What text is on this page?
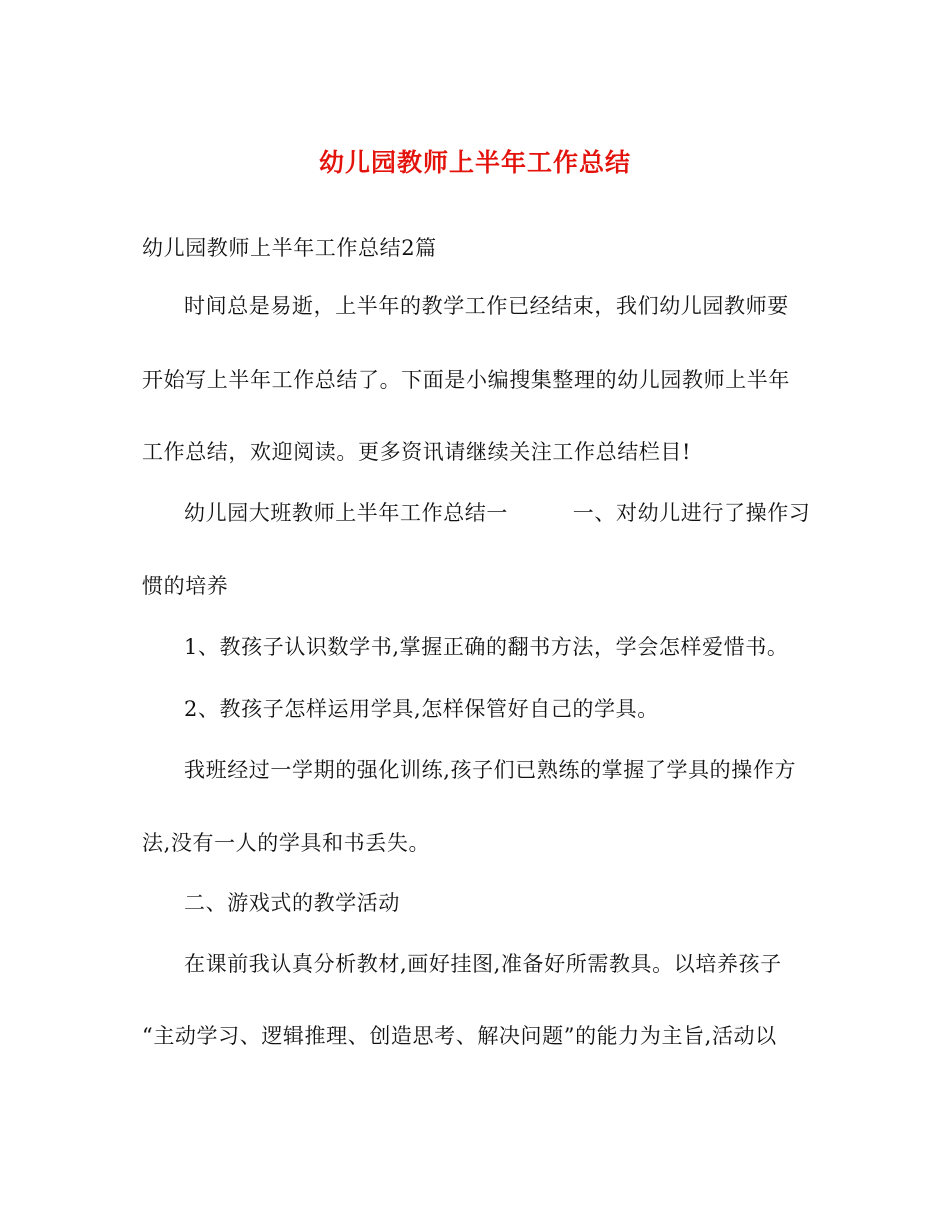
幼儿园教师上半年工作总结
幼儿园教师上半年工作总结2篇
时间总是易逝，上半年的教学工作已经结束，我们幼儿园教师要
开始写上半年工作总结了。下面是小编搜集整理的幼儿园教师上半年
工作总结，欢迎阅读。更多资讯请继续关注工作总结栏目!
幼儿园大班教师上半年工作总结一　　　一、对幼儿进行了操作习
惯的培养
1、教孩子认识数学书,掌握正确的翻书方法，学会怎样爱惜书。
2、教孩子怎样运用学具,怎样保管好自己的学具。
我班经过一学期的强化训练,孩子们已熟练的掌握了学具的操作方
法,没有一人的学具和书丢失。
二、游戏式的教学活动
在课前我认真分析教材,画好挂图,准备好所需教具。以培养孩子
“主动学习、逻辑推理、创造思考、解决问题”的能力为主旨,活动以
